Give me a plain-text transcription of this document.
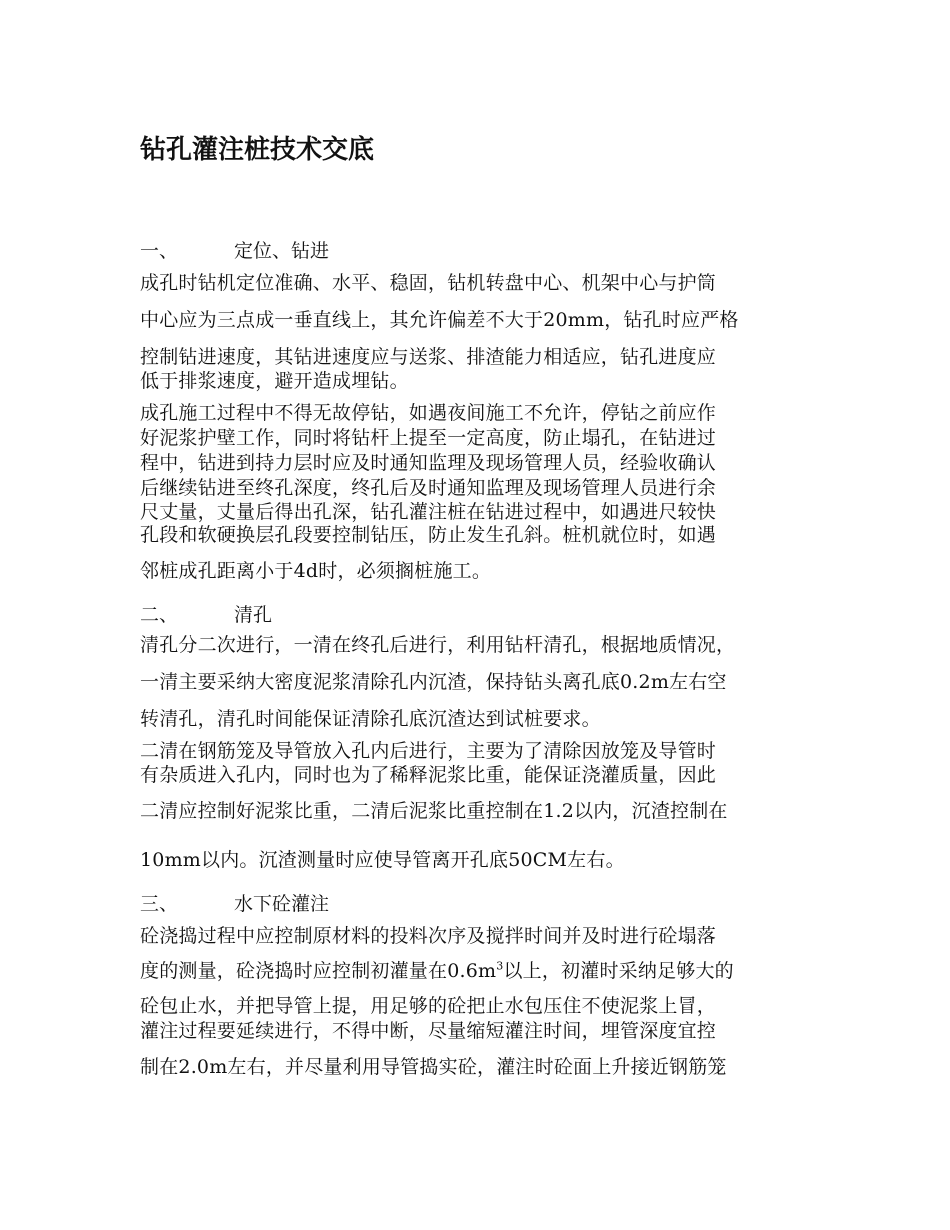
钻孔灌注桩技术交底

一、	定位、钻进

成孔时钻机定位准确、水平、稳固，钻机转盘中心、机架中心与护筒

中心应为三点成一垂直线上，其允许偏差不大于20mm，钻孔时应严格

控制钻进速度，其钻进速度应与送浆、排渣能力相适应，钻孔进度应

低于排浆速度，避开造成埋钻。

成孔施工过程中不得无故停钻，如遇夜间施工不允许，停钻之前应作

好泥浆护壁工作，同时将钻杆上提至一定高度，防止塌孔，在钻进过

程中，钻进到持力层时应及时通知监理及现场管理人员，经验收确认

后继续钻进至终孔深度，终孔后及时通知监理及现场管理人员进行余

尺丈量，丈量后得出孔深，钻孔灌注桩在钻进过程中，如遇进尺较快

孔段和软硬换层孔段要控制钻压，防止发生孔斜。桩机就位时，如遇

邻桩成孔距离小于4d时，必须搁桩施工。

二、	清孔

清孔分二次进行，一清在终孔后进行，利用钻杆清孔，根据地质情况，

一清主要采纳大密度泥浆清除孔内沉渣，保持钻头离孔底0.2m左右空

转清孔，清孔时间能保证清除孔底沉渣达到试桩要求。

二清在钢筋笼及导管放入孔内后进行，主要为了清除因放笼及导管时

有杂质进入孔内，同时也为了稀释泥浆比重，能保证浇灌质量，因此

二清应控制好泥浆比重，二清后泥浆比重控制在1.2以内，沉渣控制在

10mm以内。沉渣测量时应使导管离开孔底50CM左右。

三、	水下砼灌注

砼浇捣过程中应控制原材料的投料次序及搅拌时间并及时进行砼塌落

度的测量，砼浇捣时应控制初灌量在$0.6m^3$以上，初灌时采纳足够大的

砼包止水，并把导管上提，用足够的砼把止水包压住不使泥浆上冒，

灌注过程要延续进行，不得中断，尽量缩短灌注时间，埋管深度宜控

制在2.0m左右，并尽量利用导管捣实砼，灌注时砼面上升接近钢筋笼
